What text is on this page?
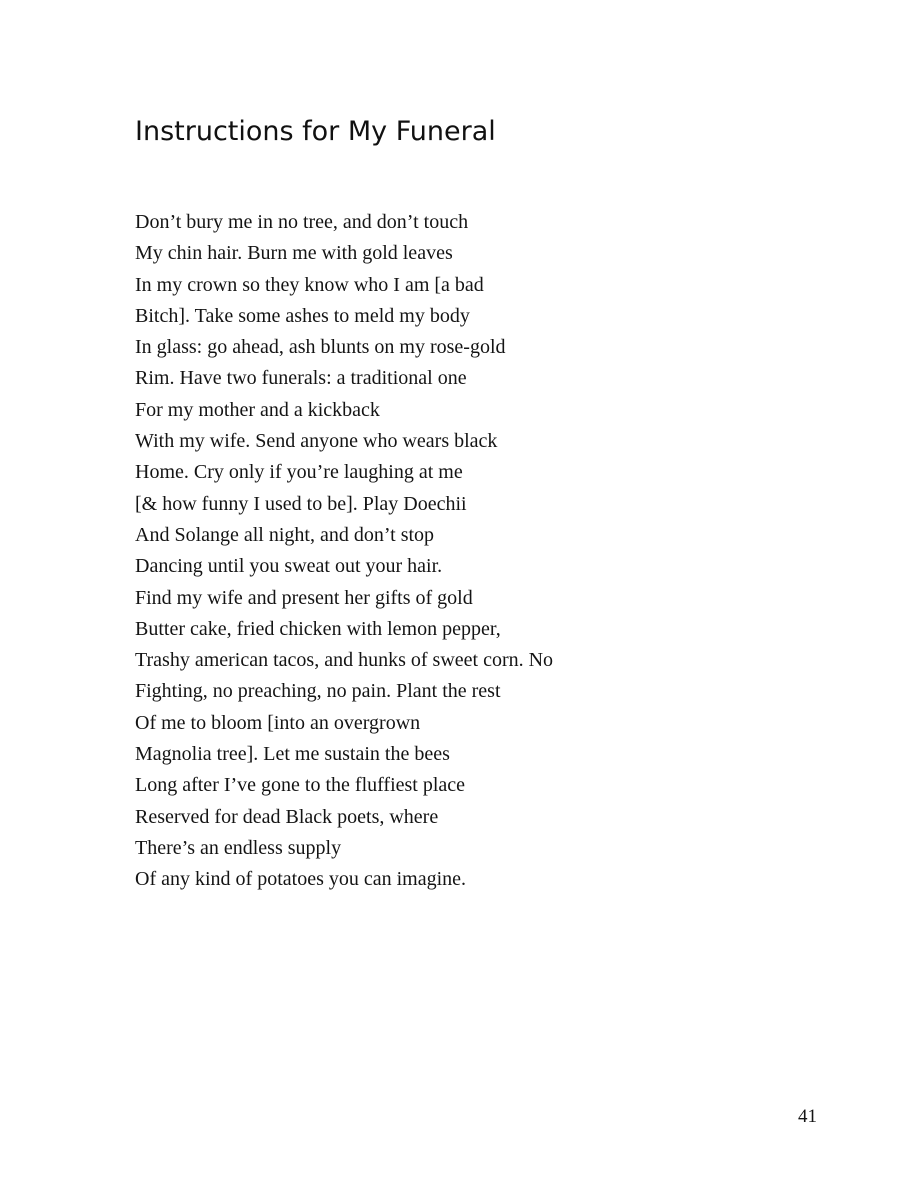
Instructions for My Funeral
Don’t bury me in no tree, and don’t touch
My chin hair. Burn me with gold leaves
In my crown so they know who I am [a bad
Bitch]. Take some ashes to meld my body
In glass: go ahead, ash blunts on my rose-gold
Rim. Have two funerals: a traditional one
For my mother and a kickback
With my wife. Send anyone who wears black
Home. Cry only if you’re laughing at me
[& how funny I used to be]. Play Doechii
And Solange all night, and don’t stop
Dancing until you sweat out your hair.
Find my wife and present her gifts of gold
Butter cake, fried chicken with lemon pepper,
Trashy american tacos, and hunks of sweet corn. No
Fighting, no preaching, no pain. Plant the rest
Of me to bloom [into an overgrown
Magnolia tree]. Let me sustain the bees
Long after I’ve gone to the fluffiest place
Reserved for dead Black poets, where
There’s an endless supply
Of any kind of potatoes you can imagine.
41
